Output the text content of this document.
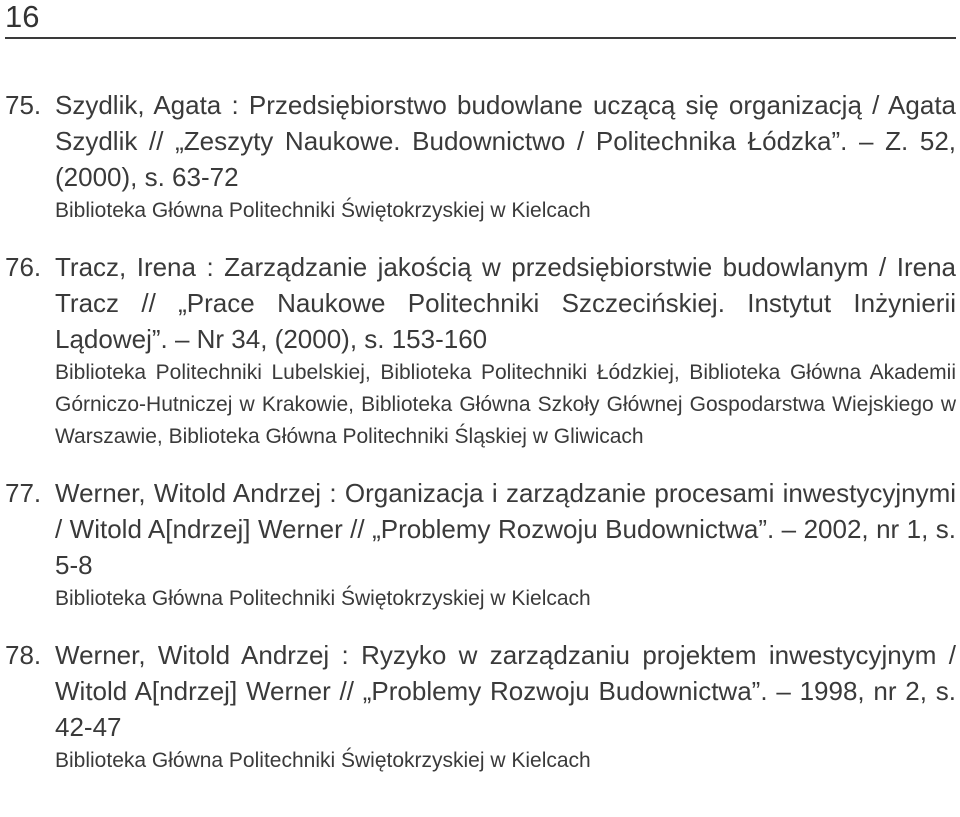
16

75. Szydlik, Agata : Przedsiębiorstwo budowlane uczącą się organizacją / Agata Szydlik // „Zeszyty Naukowe. Budownictwo / Politechnika Łódzka”. – Z. 52, (2000), s. 63-72

Biblioteka Główna Politechniki Świętokrzyskiej w Kielcach

76. Tracz, Irena : Zarządzanie jakością w przedsiębiorstwie budowlanym / Irena Tracz // „Prace Naukowe Politechniki Szczecińskiej. Instytut Inżynierii Lądowej”. – Nr 34, (2000), s. 153-160

Biblioteka Politechniki Lubelskiej, Biblioteka Politechniki Łódzkiej, Biblioteka Główna Akademii Górniczo-Hutniczej w Krakowie, Biblioteka Główna Szkoły Głównej Gospodarstwa Wiejskiego w Warszawie, Biblioteka Główna Politechniki Śląskiej w Gliwicach

77. Werner, Witold Andrzej : Organizacja i zarządzanie procesami inwestycyjnymi / Witold A[ndrzej] Werner // „Problemy Rozwoju Budownictwa”. – 2002, nr 1, s. 5-8

Biblioteka Główna Politechniki Świętokrzyskiej w Kielcach

78. Werner, Witold Andrzej : Ryzyko w zarządzaniu projektem inwestycyjnym / Witold A[ndrzej] Werner // „Problemy Rozwoju Budownictwa”. – 1998, nr 2, s. 42-47

Biblioteka Główna Politechniki Świętokrzyskiej w Kielcach
